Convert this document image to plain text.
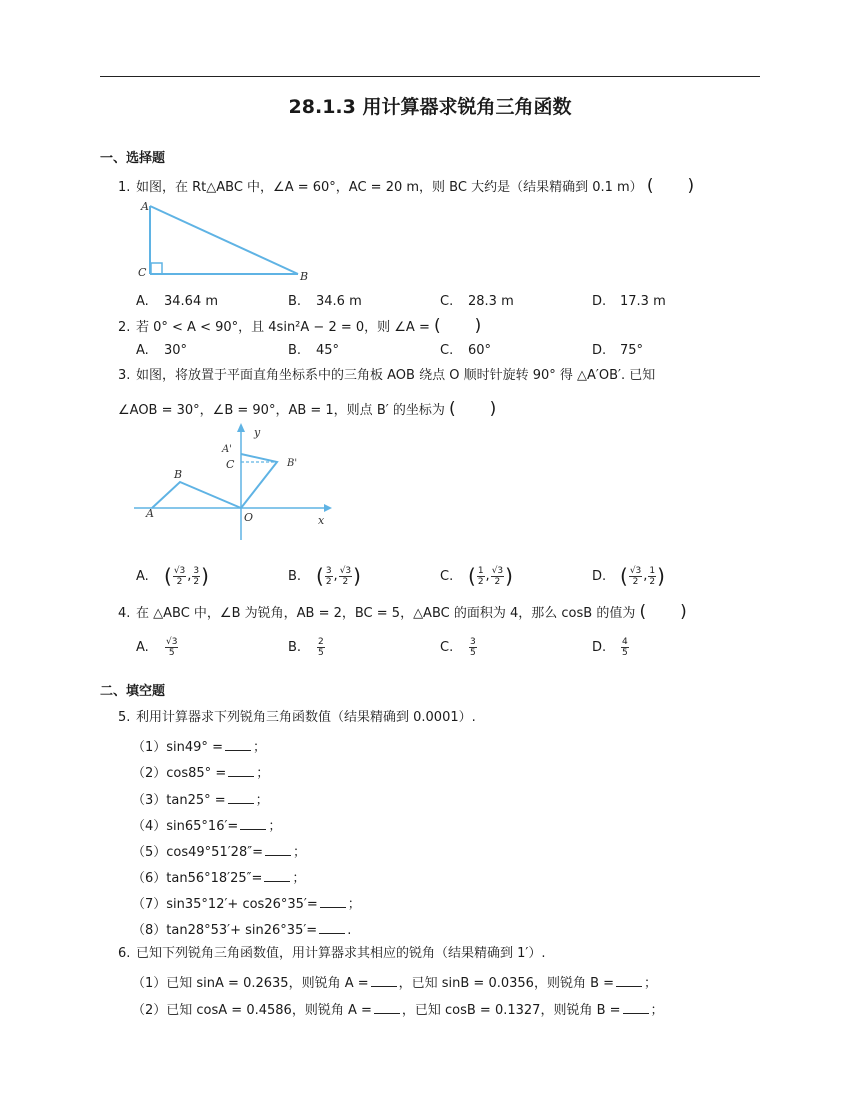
28.1.3 用计算器求锐角三角函数
一、选择题
1. 如图，在 Rt△ABC 中，∠A = 60°，AC = 20 m，则 BC 大约是（结果精确到 0.1 m） (　　)
A
C	B
A. 34.64 m	B. 34.6 m	C. 28.3 m	D. 17.3 m
2. 若 0° < A < 90°，且 4sin²A − 2 = 0，则 ∠A = (　　)
A. 30°	B. 45°	C. 60°	D. 75°
3. 如图，将放置于平面直角坐标系中的三角板 AOB 绕点 O 顺时针旋转 90° 得 △A′OB′. 已知
∠AOB = 30°，∠B = 90°，AB = 1，则点 B′ 的坐标为 (　　)
y
x
A'
C	B'
B
A	O
A. ( $\frac{√3}{2}$ , $\frac{3}{2}$ )	B. ( $\frac{3}{2}$ , $\frac{√3}{2}$ )	C. ( $\frac{1}{2}$ , $\frac{√3}{2}$ )	D. ( $\frac{√3}{2}$ , $\frac{1}{2}$ )
4. 在 △ABC 中，∠B 为锐角，AB = 2，BC = 5，△ABC 的面积为 4，那么 cosB 的值为 (　　)
A. $\frac{√3}{5}$	B. $\frac{2}{5}$	C. $\frac{3}{5}$	D. $\frac{4}{5}$
二、填空题
5. 利用计算器求下列锐角三角函数值（结果精确到 0.0001）.
（1）sin49° = ；
（2）cos85° = ；
（3）tan25° = ；
（4）sin65°16′= ；
（5）cos49°51′28″= ；
（6）tan56°18′25″= ；
（7）sin35°12′+ cos26°35′= ；
（8）tan28°53′+ sin26°35′= .
6. 已知下列锐角三角函数值，用计算器求其相应的锐角（结果精确到 1′）.
（1）已知 sinA = 0.2635，则锐角 A = ，已知 sinB = 0.0356，则锐角 B = ；
（2）已知 cosA = 0.4586，则锐角 A = ，已知 cosB = 0.1327，则锐角 B = ；
